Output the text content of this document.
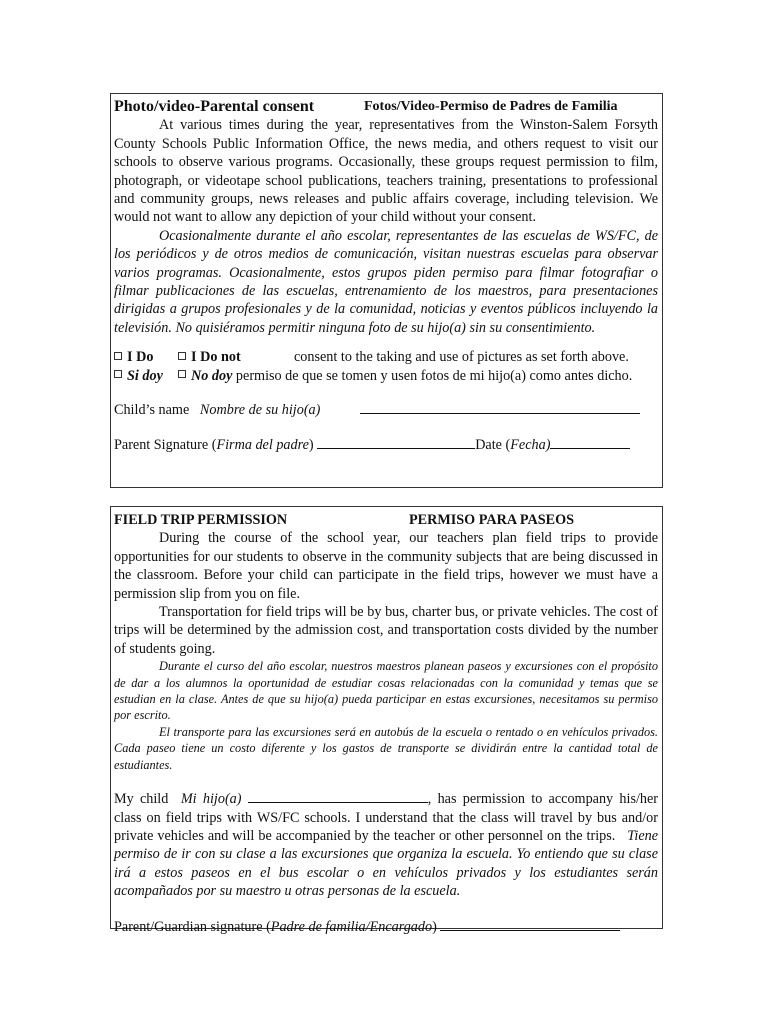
Photo/video-Parental consent	Fotos/Video-Permiso de Padres de Familia

At various times during the year, representatives from the Winston-Salem Forsyth County Schools Public Information Office, the news media, and others request to visit our schools to observe various programs. Occasionally, these groups request permission to film, photograph, or videotape school publications, teachers training, presentations to professional and community groups, news releases and public affairs coverage, including television. We would not want to allow any depiction of your child without your consent.

Ocasionalmente durante el año escolar, representantes de las escuelas de WS/FC, de los periódicos y de otros medios de comunicación, visitan nuestras escuelas para observar varios programas. Ocasionalmente, estos grupos piden permiso para filmar fotografiar o filmar publicaciones de las escuelas, entrenamiento de los maestros, para presentaciones dirigidas a grupos profesionales y de la comunidad, noticias y eventos públicos incluyendo la televisión. No quisiéramos permitir ninguna foto de su hijo(a) sin su consentimiento.

I Do	I Do not	consent to the taking and use of pictures as set forth above.
Si doy	No doy permiso de que se tomen y usen fotos de mi hijo(a) como antes dicho.
Child’s name
Nombre de su hijo(a)
Parent Signature ( Firma del padre )
	Date ( Fecha)
FIELD TRIP PERMISSION	PERMISO PARA PASEOS

During the course of the school year, our teachers plan field trips to provide opportunities for our students to observe in the community subjects that are being discussed in the classroom. Before your child can participate in the field trips, however we must have a permission slip from you on file.

Transportation for field trips will be by bus, charter bus, or private vehicles. The cost of trips will be determined by the admission cost, and transportation costs divided by the number of students going.

Durante el curso del año escolar, nuestros maestros planean paseos y excursiones con el propósito de dar a los alumnos la oportunidad de estudiar cosas relacionadas con la comunidad y temas que se estudian en la clase. Antes de que su hijo(a) pueda participar en estas excursiones, necesitamos su permiso por escrito.

El transporte para las excursiones será en autobús de la escuela o rentado o en vehículos privados. Cada paseo tiene un costo diferente y los gastos de transporte se dividirán entre la cantidad total de estudiantes.

My child Mi hijo(a)	, has permission to accompany his/her class on field trips with WS/FC schools. I understand that the class will travel by bus and/or private vehicles and will be accompanied by the teacher or other personnel on the trips. Tiene permiso de ir con su clase a las excursiones que organiza la escuela. Yo entiendo que su clase irá a estos paseos en el bus escolar o en vehículos privados y los estudiantes serán acompañados por su maestro u otras personas de la escuela.

Parent/Guardian signature ( Padre de familia/Encargado )
